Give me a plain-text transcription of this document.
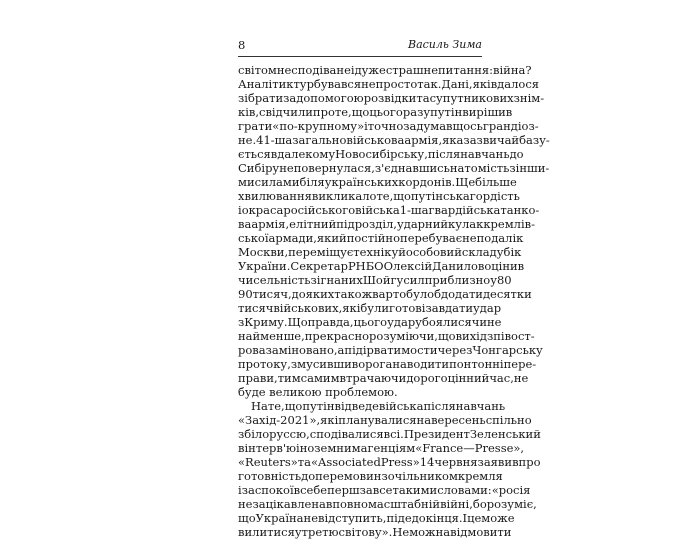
8	Василь Зима
світом несподіване і дуже страшне питання: війна?
Аналітик турбувався не просто так. Дані, які вдалося
зібрати за допомогою розвідки та супутникових знім-
ків, свідчили про те, що цього разу путін вирішив
грати «по-крупному» і точно задумав щось грандіоз-
не. 41-ша загальновійськова армія, яка зазвичай базу-
ється в далекому Новосибірську, після навчань до
Сибіру не повернулася, з'єднавшись натомість з інши-
ми силами біля українських кордонів. Ще більше
хвилювання викликало те, що путінська гордість
і окраса російського війська 1-ша гвардійська танко-
ва армія, елітний підрозділ, ударний кулак кремлів-
ської армади, який постійно перебуває неподалік
Москви, переміщує техніку й особовий склад у бік
України. Секретар РНБО Олексій Данилов оцінив
чисельність зігнаних Шойгу сил приблизно у 80
90 тисяч, до яких також варто було б додати десятки
тисяч військових, які були готові завдати удар
з Криму. Щоправда, цього удару боялися чи не
найменше, прекрасно розуміючи, що вихід з півост-
рова заміновано, а підірвати мости через Чонгарську
протоку, змусивши ворога наводити понтонні пере-
прави, тим самим втрачаючи дорогоцінний час, не
буде великою проблемою.
На те, що путін відведе війська після навчань
«Захід-2021», які планувалися на вересень спільно
з білоруссю, сподівалися всі. Президент Зеленський
в інтерв'ю іноземним агенціям «France — Presse»,
«Reuters» та «Associated Press» 14 червня заявив про
готовність до перемовин з очільником кремля
і заспокоїв себе перш за все такими словами: «росія
не зацікавлена в повномасштабній війні, бо розуміє,
що Україна не відступить, піде до кінця. І це може
вилитися у третю світову». Не можна відмовити
